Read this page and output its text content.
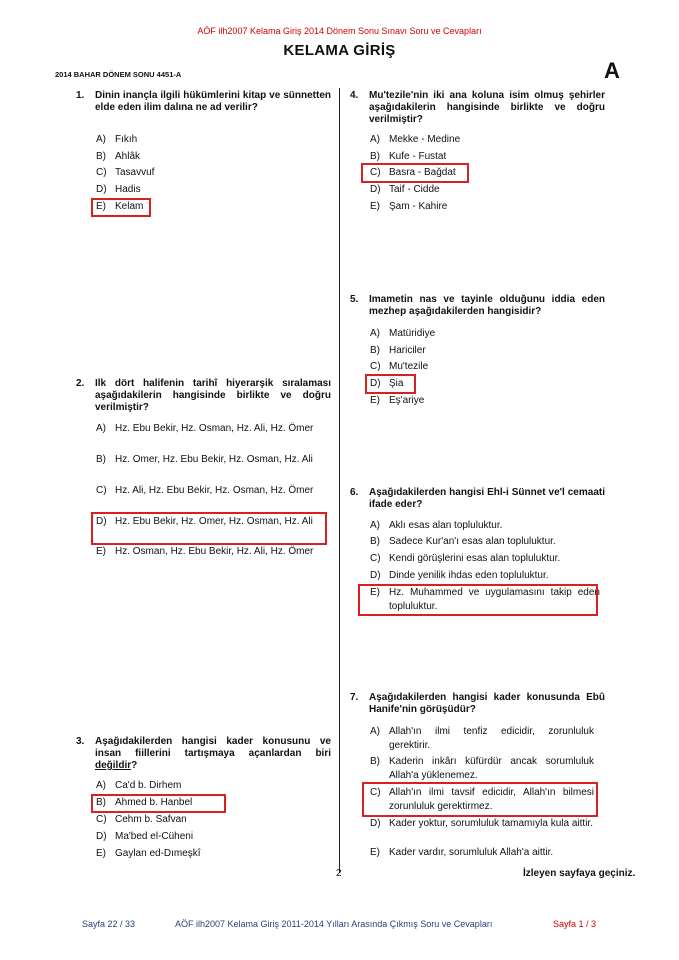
AÖF ilh2007 Kelama Giriş 2014 Dönem Sonu Sınavı Soru ve Cevapları
KELAMA GİRİŞ
A
2014 BAHAR DÖNEM SONU 4451-A
1. Dinin inançla ilgili hükümlerini kitap ve sünnetten elde eden ilim dalına ne ad verilir?
A) Fıkıh
B) Ahlâk
C) Tasavvuf
D) Hadis
E) Kelam
2. Ilk dört halifenin tarihî hiyerarşik sıralaması aşağıdakilerin hangisinde birlikte ve doğru verilmiştir?
A) Hz. Ebu Bekir, Hz. Osman, Hz. Ali, Hz. Ömer
B) Hz. Omer, Hz. Ebu Bekir, Hz. Osman, Hz. Ali
C) Hz. Ali, Hz. Ebu Bekir, Hz. Osman, Hz. Ömer
D) Hz. Ebu Bekir, Hz. Omer, Hz. Osman, Hz. Ali
E) Hz. Osman, Hz. Ebu Bekir, Hz. Ali, Hz. Ömer
3. Aşağıdakilerden hangisi kader konusunu ve insan fiillerini tartışmaya açanlardan biri değildir?
A) Ca'd b. Dirhem
B) Ahmed b. Hanbel
C) Cehm b. Safvan
D) Ma'bed el-Cüheni
E) Gaylan ed-Dımeşkî
4. Mu'tezile'nin iki ana koluna isim olmuş şehirler aşağıdakilerin hangisinde birlikte ve doğru verilmiştir?
A) Mekke - Medine
B) Kufe - Fustat
C) Basra - Bağdat
D) Taif - Cidde
E) Şam - Kahire
5. Imametin nas ve tayinle olduğunu iddia eden mezhep aşağıdakilerden hangisidir?
A) Matüridiye
B) Hariciler
C) Mu'tezile
D) Şia
E) Eş'ariye
6. Aşağıdakilerden hangisi Ehl-i Sünnet ve'l cemaati ifade eder?
A) Aklı esas alan topluluktur.
B) Sadece Kur'an'ı esas alan topluluktur.
C) Kendi görüşlerini esas alan topluluktur.
D) Dinde yenilik ihdas eden topluluktur.
E) Hz. Muhammed ve uygulamasını takip eden topluluktur.
7. Aşağıdakilerden hangisi kader konusunda Ebû Hanife'nin görüşüdür?
A) Allah'ın ilmi tenfiz edicidir, zorunluluk gerektirir.
B) Kaderin inkârı küfürdür ancak sorumluluk Allah'a yüklenemez.
C) Allah'ın ilmi tavsif edicidir, Allah'ın bilmesi zorunluluk gerektirmez.
D) Kader yoktur, sorumluluk tamamıyla kula aittir.
E) Kader vardır, sorumluluk Allah'a aittir.
2	İzleyen sayfaya geçiniz.
Sayfa 22 / 33	AÖF ilh2007 Kelama Giriş 2011-2014 Yılları Arasında Çıkmış Soru ve Cevapları	Sayfa 1 / 3
